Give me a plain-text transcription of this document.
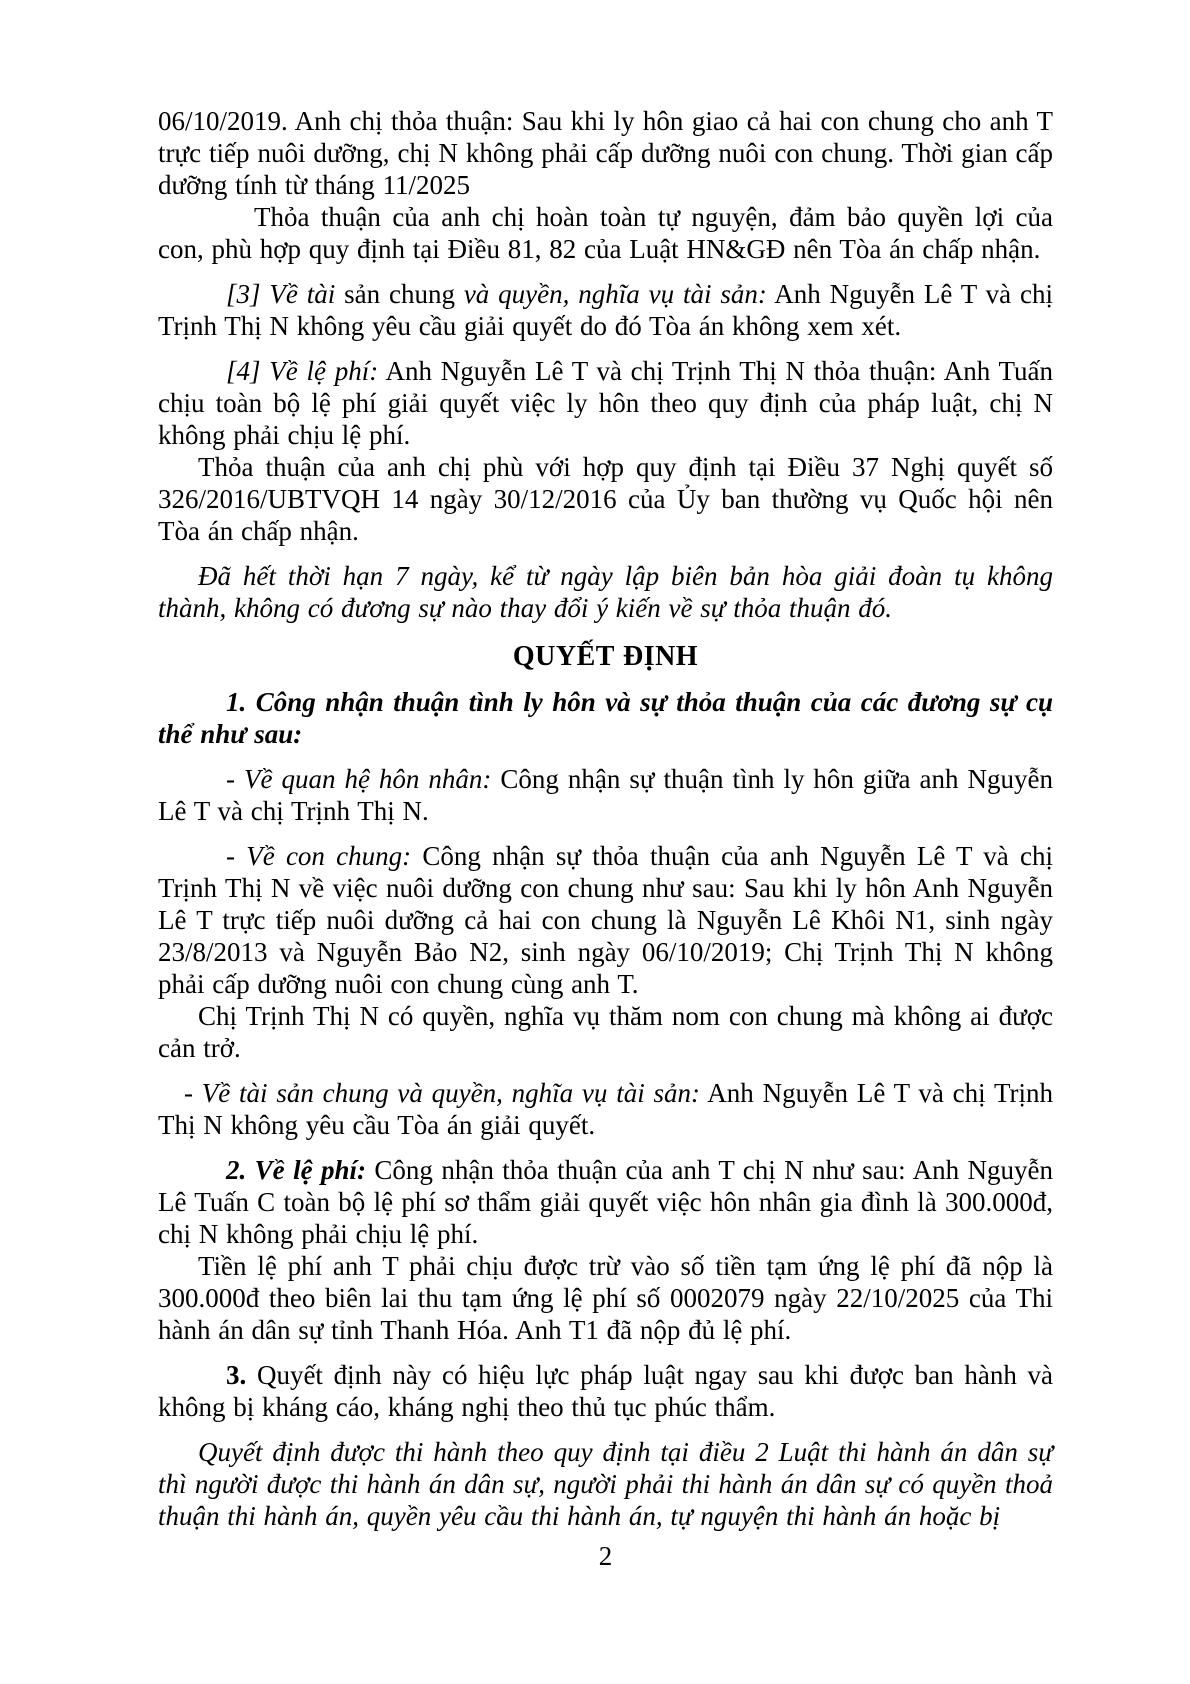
06/10/2019. Anh chị thỏa thuận: Sau khi ly hôn giao cả hai con chung cho anh T trực tiếp nuôi dưỡng, chị N không phải cấp dưỡng nuôi con chung. Thời gian cấp dưỡng tính từ tháng 11/2025

Thỏa thuận của anh chị hoàn toàn tự nguyện, đảm bảo quyền lợi của con, phù hợp quy định tại Điều 81, 82 của Luật HN&GĐ nên Tòa án chấp nhận.

[3] Về tài sản chung và quyền, nghĩa vụ tài sản: Anh Nguyễn Lê T và chị Trịnh Thị N không yêu cầu giải quyết do đó Tòa án không xem xét.

[4] Về lệ phí: Anh Nguyễn Lê T và chị Trịnh Thị N thỏa thuận: Anh Tuấn chịu toàn bộ lệ phí giải quyết việc ly hôn theo quy định của pháp luật, chị N không phải chịu lệ phí.

Thỏa thuận của anh chị phù với hợp quy định tại Điều 37 Nghị quyết số 326/2016/UBTVQH 14 ngày 30/12/2016 của Ủy ban thường vụ Quốc hội nên Tòa án chấp nhận.

Đã hết thời hạn 7 ngày, kể từ ngày lập biên bản hòa giải đoàn tụ không thành, không có đương sự nào thay đổi ý kiến về sự thỏa thuận đó.

QUYẾT ĐỊNH

1. Công nhận thuận tình ly hôn và sự thỏa thuận của các đương sự cụ thể như sau:

- Về quan hệ hôn nhân: Công nhận sự thuận tình ly hôn giữa anh Nguyễn Lê T và chị Trịnh Thị N.

- Về con chung: Công nhận sự thỏa thuận của anh Nguyễn Lê T và chị Trịnh Thị N về việc nuôi dưỡng con chung như sau: Sau khi ly hôn Anh Nguyễn Lê T trực tiếp nuôi dưỡng cả hai con chung là Nguyễn Lê Khôi N1, sinh ngày 23/8/2013 và Nguyễn Bảo N2, sinh ngày 06/10/2019; Chị Trịnh Thị N không phải cấp dưỡng nuôi con chung cùng anh T.

Chị Trịnh Thị N có quyền, nghĩa vụ thăm nom con chung mà không ai được cản trở.

- Về tài sản chung và quyền, nghĩa vụ tài sản: Anh Nguyễn Lê T và chị Trịnh Thị N không yêu cầu Tòa án giải quyết.

2. Về lệ phí: Công nhận thỏa thuận của anh T chị N như sau: Anh Nguyễn Lê Tuấn C toàn bộ lệ phí sơ thẩm giải quyết việc hôn nhân gia đình là 300.000đ, chị N không phải chịu lệ phí.

Tiền lệ phí anh T phải chịu được trừ vào số tiền tạm ứng lệ phí đã nộp là 300.000đ theo biên lai thu tạm ứng lệ phí số 0002079 ngày 22/10/2025 của Thi hành án dân sự tỉnh Thanh Hóa. Anh T1 đã nộp đủ lệ phí.

3. Quyết định này có hiệu lực pháp luật ngay sau khi được ban hành và không bị kháng cáo, kháng nghị theo thủ tục phúc thẩm.

Quyết định được thi hành theo quy định tại điều 2 Luật thi hành án dân sự thì người được thi hành án dân sự, người phải thi hành án dân sự có quyền thoả thuận thi hành án, quyền yêu cầu thi hành án, tự nguyện thi hành án hoặc bị

2
